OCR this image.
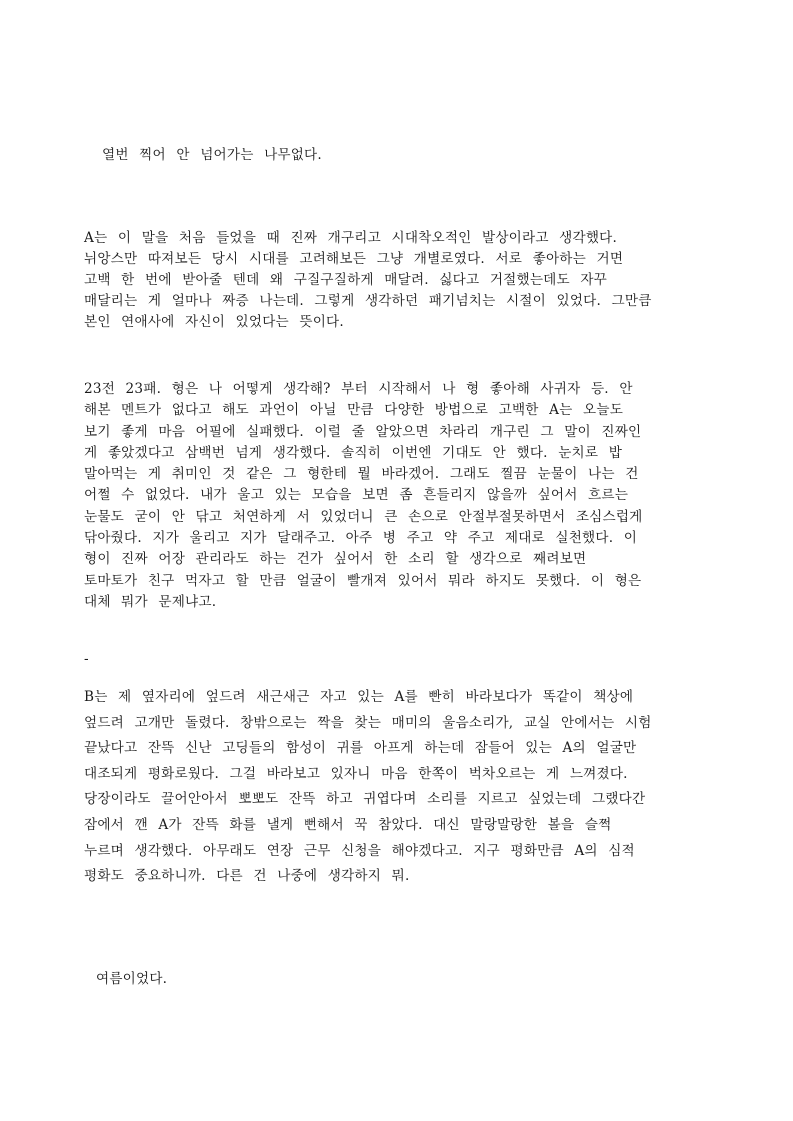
열번 찍어 안 넘어가는 나무없다.
A는 이 말을 처음 들었을 때 진짜 개구리고 시대착오적인 발상이라고 생각했다.
뉘앙스만 따져보든 당시 시대를 고려해보든 그냥 개별로였다. 서로 좋아하는 거면
고백 한 번에 받아줄 텐데 왜 구질구질하게 매달려. 싫다고 거절했는데도 자꾸
매달리는 게 얼마나 짜증 나는데. 그렇게 생각하던 패기넘치는 시절이 있었다. 그만큼
본인 연애사에 자신이 있었다는 뜻이다.
23전 23패. 형은 나 어떻게 생각해? 부터 시작해서 나 형 좋아해 사귀자 등. 안
해본 멘트가 없다고 해도 과언이 아닐 만큼 다양한 방법으로 고백한 A는 오늘도
보기 좋게 마음 어필에 실패했다. 이럴 줄 알았으면 차라리 개구린 그 말이 진짜인
게 좋았겠다고 삼백번 넘게 생각했다. 솔직히 이번엔 기대도 안 했다. 눈치로 밥
말아먹는 게 취미인 것 같은 그 형한테 뭘 바라겠어. 그래도 찔끔 눈물이 나는 건
어쩔 수 없었다. 내가 울고 있는 모습을 보면 좀 흔들리지 않을까 싶어서 흐르는
눈물도 굳이 안 닦고 처연하게 서 있었더니 큰 손으로 안절부절못하면서 조심스럽게
닦아줬다. 지가 울리고 지가 달래주고. 아주 병 주고 약 주고 제대로 실천했다. 이
형이 진짜 어장 관리라도 하는 건가 싶어서 한 소리 할 생각으로 째려보면
토마토가 친구 먹자고 할 만큼 얼굴이 빨개져 있어서 뭐라 하지도 못했다. 이 형은
대체 뭐가 문제냐고.
-
B는 제 옆자리에 엎드려 새근새근 자고 있는 A를 빤히 바라보다가 똑같이 책상에
엎드려 고개만 돌렸다. 창밖으로는 짝을 찾는 매미의 울음소리가, 교실 안에서는 시험
끝났다고 잔뜩 신난 고딩들의 함성이 귀를 아프게 하는데 잠들어 있는 A의 얼굴만
대조되게 평화로웠다. 그걸 바라보고 있자니 마음 한쪽이 벅차오르는 게 느껴졌다.
당장이라도 끌어안아서 뽀뽀도 잔뜩 하고 귀엽다며 소리를 지르고 싶었는데 그랬다간
잠에서 깬 A가 잔뜩 화를 낼게 뻔해서 꾹 참았다. 대신 말랑말랑한 볼을 슬쩍
누르며 생각했다. 아무래도 연장 근무 신청을 해야겠다고. 지구 평화만큼 A의 심적
평화도 중요하니까. 다른 건 나중에 생각하지 뭐.
여름이었다.
